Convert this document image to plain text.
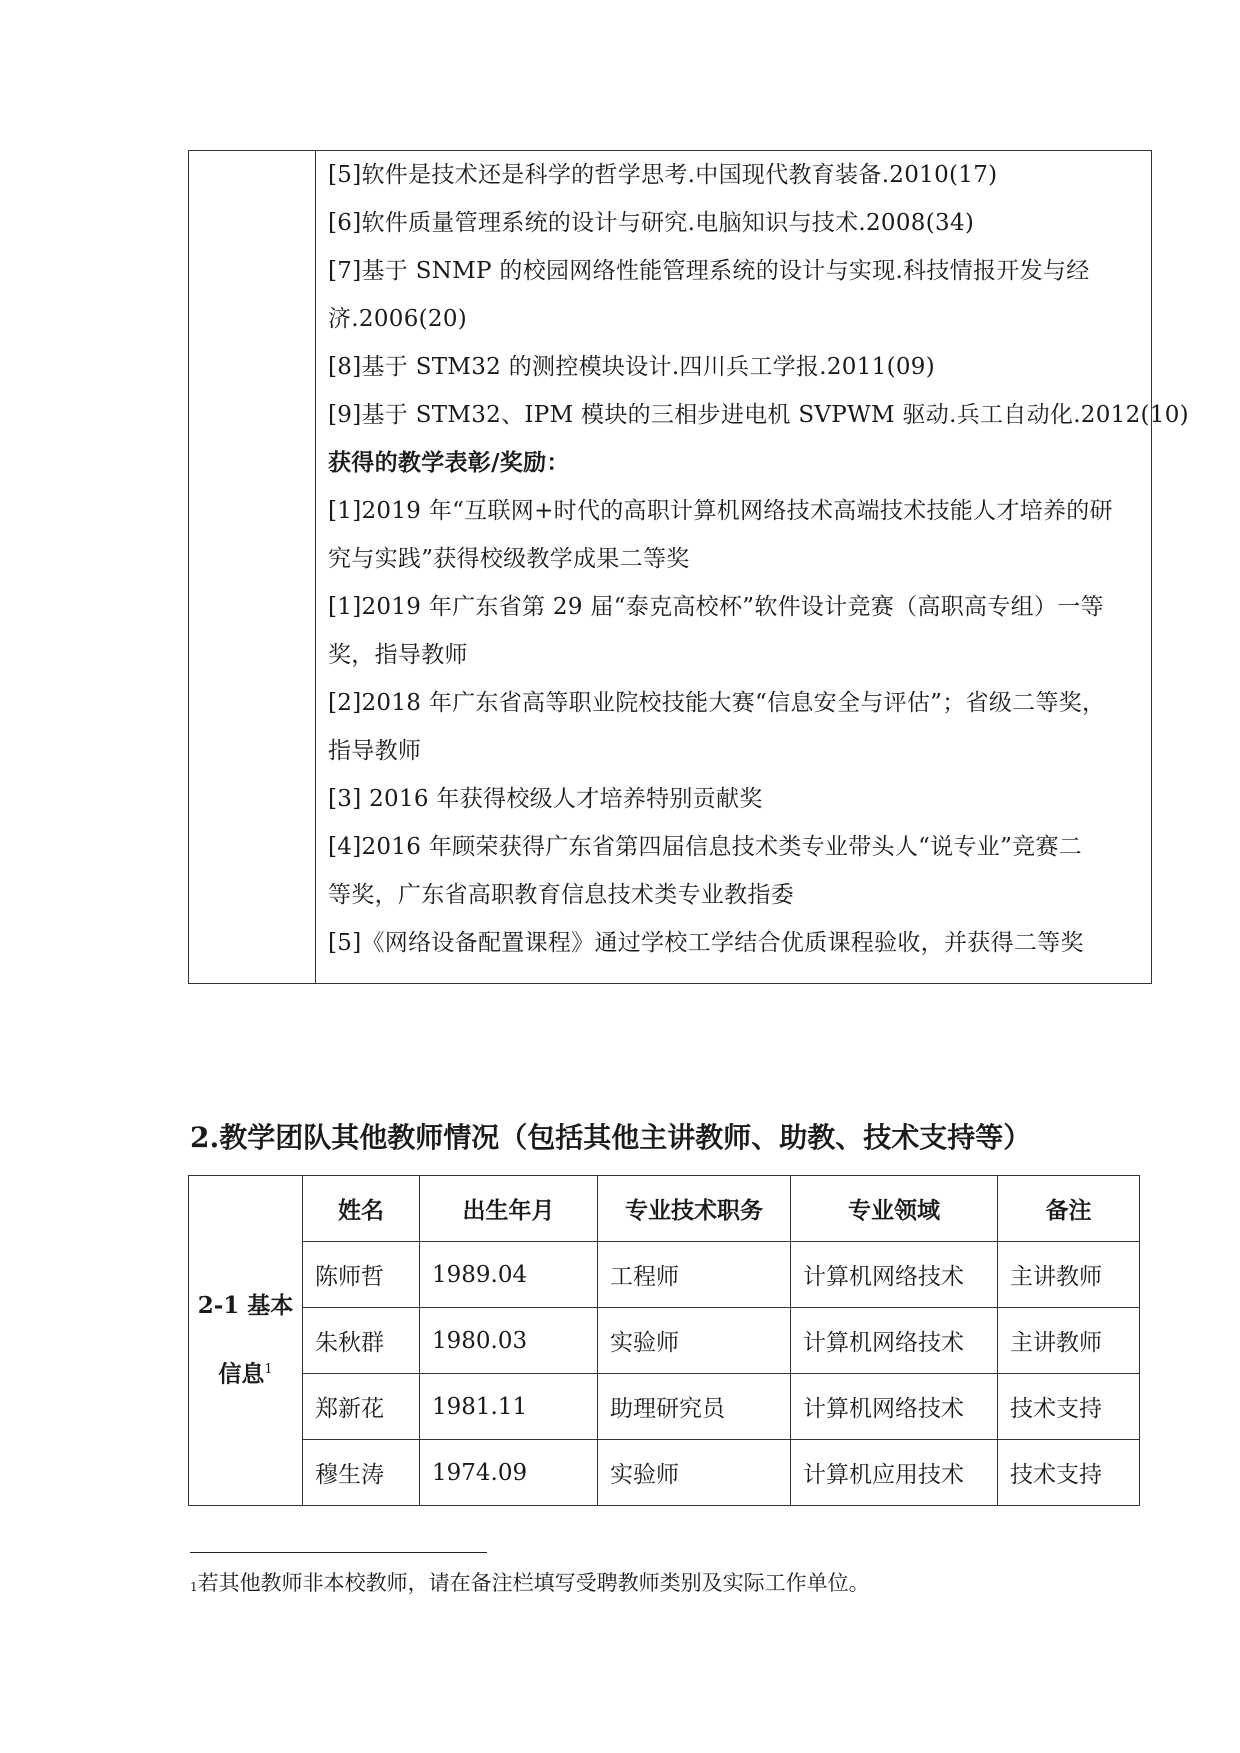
[5]软件是技术还是科学的哲学思考.中国现代教育装备.2010(17)
[6]软件质量管理系统的设计与研究.电脑知识与技术.2008(34)
[7]基于 SNMP 的校园网络性能管理系统的设计与实现.科技情报开发与经
济.2006(20)
[8]基于 STM32 的测控模块设计.四川兵工学报.2011(09)
[9]基于 STM32、IPM 模块的三相步进电机 SVPWM 驱动.兵工自动化.2012(10)
获得的教学表彰/奖励：
[1]2019 年“互联网+时代的高职计算机网络技术高端技术技能人才培养的研
究与实践”获得校级教学成果二等奖
[1]2019 年广东省第 29 届“泰克高校杯”软件设计竞赛（高职高专组）一等
奖，指导教师
[2]2018 年广东省高等职业院校技能大赛“信息安全与评估”；省级二等奖，
指导教师
[3] 2016 年获得校级人才培养特别贡献奖
[4]2016 年顾荣获得广东省第四届信息技术类专业带头人“说专业”竞赛二
等奖，广东省高职教育信息技术类专业教指委
[5]《网络设备配置课程》通过学校工学结合优质课程验收，并获得二等奖
2.教学团队其他教师情况（包括其他主讲教师、助教、技术支持等）
2-1 基本信息$^1$	姓名	出生年月	专业技术职务	专业领域	备注
	陈师哲	1989.04	工程师	计算机网络技术	主讲教师
	朱秋群	1980.03	实验师	计算机网络技术	主讲教师
	郑新花	1981.11	助理研究员	计算机网络技术	技术支持
	穆生涛	1974.09	实验师	计算机应用技术	技术支持

$^1$若其他教师非本校教师，请在备注栏填写受聘教师类别及实际工作单位。
